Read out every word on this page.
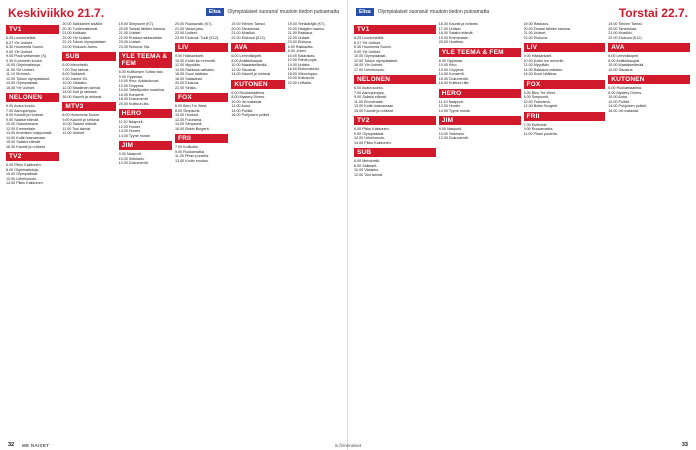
Keskiviikko 21.7.	Elisa	Olympialaiset suorana! muutoin tiedon putoamatta
TV1
6.25 Luontohetkiä.
6.27 Yle Uutiset.
6.30 Huomenta Suomi.
9.00 Yle Uutiset.
9.05 Puoli seitsemän (S).
9.30 Kummelin kootut.
10.00 Ohjelmatietoja.
11.00 Yle Uutiset.
11.10 Strömsö.
12.00 Tokion olympialaiset.
13.00 Olympiakisat.
16.55 Yle Uutiset.
NELONEN
6.00 Avara luonto.
7.00 Aamujumppa.
8.00 Kauniit ja rohkeat.
9.00 Salatut elämät.
10.00 Ostoskanava.
12.00 Emmerdale.
13.00 Amerikan huippumalli.
14.00 Kotiin kasvamaan.
15.00 Salatut elämät.
16.30 Kauniit ja rohkeat.
TV2
6.00 Pikku Kakkonen.
8.00 Ohjelmatietoja.
10.00 Olympiakisat.
12.00 Urheiluruutu.
14.00 Pikku Kakkonen.
20.00 Salkkarien sisällöt.
20.30 Tuntemattomat.
21.00 Kotikatu.
22.00 Yle Uutiset.
22.15 Tokion olympialaiset.
23.00 Elokuva: Aamu.
SUB
6.00 Menohetki.
7.00 Tosi tarinat.
8.00 Salkkarit.
9.30 Jokerit 3D.
10.00 Viidakko.
12.00 Maailman tarinat.
14.00 Koti ja rakkaus.
16.00 Kauniit ja rohkeat.
MTV3
6.00 Huomenta Suomi.
9.00 Kauniit ja rohkeat.
10.00 Salatut elämät.
11.00 Tosi tarinat.
12.00 Uutiset.
19.00 Simpsonit (K7).
20.00 Tanssii tähtien kanssa.
21.00 Uutiset.
22.00 Ruokaa rakkaudella.
23.00 Uutiset.
23.30 Elokuva: Ilta.
YLE TEEMA & FEM
8.00 Kultturisen Sofian talo.
9.00 Oppimaa.
10.00 Kino: Arkistokuvat.
12.00 Ooppera.
14.00 Taiteilijoiden maailma.
16.00 Konsertti.
18.00 Dokumentti.
20.00 Kulttuuri-ilta.
HERO
11.10 Naapurit.
12.00 Hunter.
13.00 Hunter.
14.00 Tyyne muste.
JIM
9.00 Naapurit.
10.00 Seikkailu.
12.00 Dokumentti.
20.00 Ruokavalio (K7).
21.00 Vauva jaso.
22.00 Uutiset.
23.00 Elokuva: Tuuli (K12).
LIV
9.00 Hääsankarit.
10.00 Kodin iso remontti.
12.00 Myydään.
14.00 Rakkaus-ratkaisu.
16.00 Suuri hääkisa.
18.00 Salasanat.
20.00 Elokuva.
22.00 Sinkku.
FOX
6.00 Bleu Tre West.
8.00 Simpsonit.
10.00 Hooked.
12.00 Futurama.
14.00 Simpsonit.
16.00 Bobin Burgerit.
FRII
7.00 Kotikokki.
9.00 Ruokamatka.
11.00 Pihan puolella.
13.00 Kodin muutos.
19.00 Teinien Tanssi.
20.00 Tanssimaa.
21.00 Musiikki.
22.00 Elokuva (K12).
AVA
6.00 Lemmikkipeti.
8.00 Antiikkikaupat.
10.00 Maalaiselämää.
12.00 Sisustus.
14.00 Kauniit ja rohkeat.
KUTONEN
6.00 Ruokamaailma.
8.00 Mystery Diners.
10.00 Jet tosiasiat.
12.00 Autot.
14.00 Poliisit.
16.00 Pohjoisen poliisit.
19.00 Teinikäräjät (K7).
20.00 Haagien haamu.
21.00 Rakkaus.
22.00 Uutiset.
23.00 Elokuva.
6.00 Rakkautta.
8.00 Jokeri.
10.00 Salarakas.
12.00 Pahat pojat.
14.00 Uutisia.
16.00 Elokuvaklubi.
18.00 Viikonloppu.
20.00 Kotirauha.
22.00 Leffailta.
32 ME NAISET
Elisa	Olympialaiset suorana! muutoin tiedon putoamatta	Torstai 22.7.
TV1
6.25 Luontohetkiä.
6.27 Yle Uutiset.
6.30 Huomenta Suomi.
9.00 Yle Uutiset.
10.00 Olympiakisat.
12.00 Tokion olympialaiset.
16.00 Yle Uutiset.
17.00 Urheiluruutu.
NELONEN
6.00 Avara luonto.
7.00 Aamujumppa.
9.00 Salatut elämät.
11.00 Emmerdale.
13.00 Kotiin kasvamaan.
15.00 Kauniit ja rohkeat.
TV2
6.00 Pikku Kakkonen.
9.00 Olympiakisat.
12.00 Urheiluruutu.
14.00 Pikku Kakkonen.
SUB
6.00 Menohetki.
8.00 Salkkarit.
10.00 Viidakko.
12.00 Tosi tarinat.
16.30 Kauniit ja rohkeat.
17.00 Uutiset.
18.00 Salatut elämät.
19.00 Emmerdale.
20.00 Huvittelu.
YLE TEEMA & FEM
8.00 Oppimaa.
10.00 Kino.
12.00 Ooppera.
14.00 Konsertti.
16.00 Dokumentti.
18.00 Kulttuuri-ilta.
HERO
11.10 Naapurit.
12.00 Hunter.
14.00 Tyyne muste.
JIM
9.00 Naapurit.
10.00 Seikkailu.
12.00 Dokumentti.
19.00 Rakkaus.
20.00 Tanssii tähtien kanssa.
21.00 Uutiset.
22.00 Elokuva.
LIV
9.00 Hääsankarit.
10.00 Kodin iso remontti.
12.00 Myydään.
14.00 Rakkaus-ratkaisu.
16.00 Suuri hääkisa.
FOX
6.00 Bleu Tre West.
8.00 Simpsonit.
10.00 Futurama.
12.00 Bobin Burgerit.
FRII
7.00 Kotikokki.
9.00 Ruokamatka.
11.00 Pihan puolella.
19.00 Teinien Tanssi.
20.00 Tanssimaa.
21.00 Musiikki.
22.00 Elokuva (K12).
AVA
6.00 Lemmikkipeti.
8.00 Antiikkikaupat.
10.00 Maalaiselämää.
12.00 Sisustus.
KUTONEN
6.00 Ruokamaailma.
8.00 Mystery Diners.
10.00 Autot.
12.00 Poliisit.
14.00 Pohjoisen poliisit.
16.00 Jet tosiasiat.
33
is.fi/menaiset
